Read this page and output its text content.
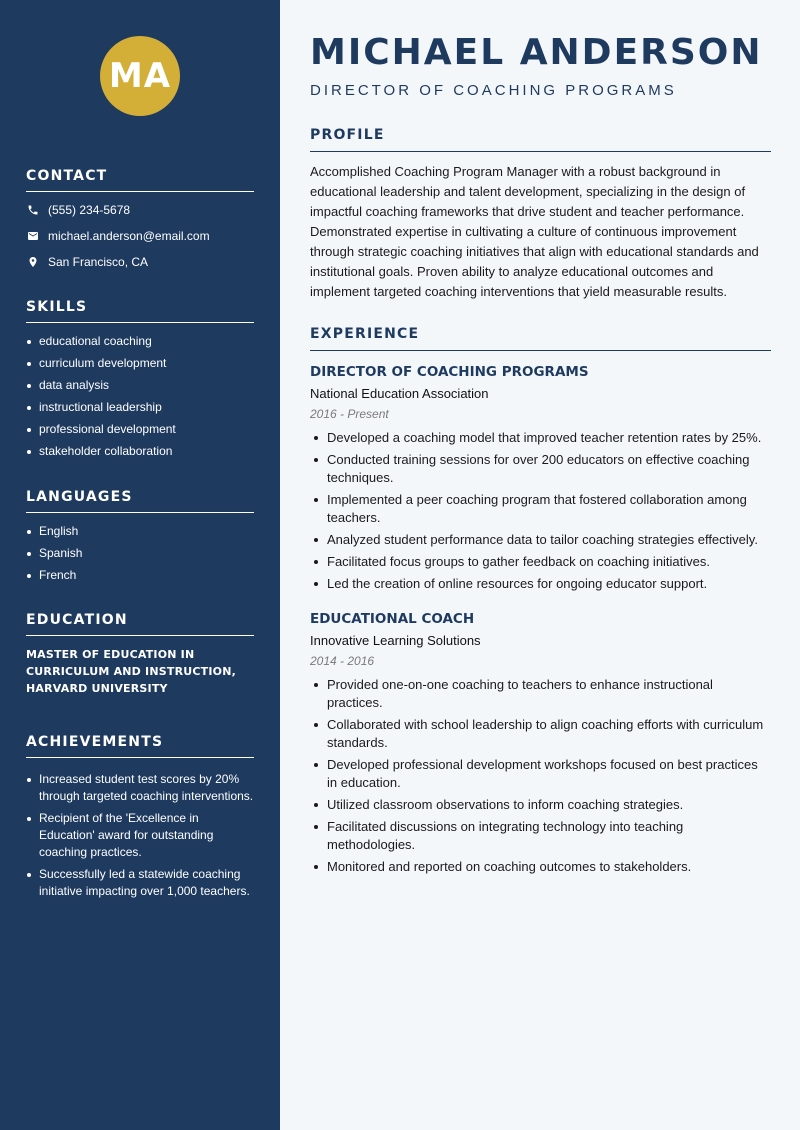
MA
CONTACT
(555) 234-5678
michael.anderson@email.com
San Francisco, CA
SKILLS
educational coaching
curriculum development
data analysis
instructional leadership
professional development
stakeholder collaboration
LANGUAGES
English
Spanish
French
EDUCATION

MASTER OF EDUCATION IN CURRICULUM AND INSTRUCTION, HARVARD UNIVERSITY

ACHIEVEMENTS
Increased student test scores by 20% through targeted coaching interventions.
Recipient of the 'Excellence in Education' award for outstanding coaching practices.
Successfully led a statewide coaching initiative impacting over 1,000 teachers.
MICHAEL ANDERSON
DIRECTOR OF COACHING PROGRAMS
PROFILE

Accomplished Coaching Program Manager with a robust background in educational leadership and talent development, specializing in the design of impactful coaching frameworks that drive student and teacher performance. Demonstrated expertise in cultivating a culture of continuous improvement through strategic coaching initiatives that align with educational standards and institutional goals. Proven ability to analyze educational outcomes and implement targeted coaching interventions that yield measurable results.

EXPERIENCE
DIRECTOR OF COACHING PROGRAMS
National Education Association
2016 - Present
Developed a coaching model that improved teacher retention rates by 25%.
Conducted training sessions for over 200 educators on effective coaching techniques.
Implemented a peer coaching program that fostered collaboration among teachers.
Analyzed student performance data to tailor coaching strategies effectively.
Facilitated focus groups to gather feedback on coaching initiatives.
Led the creation of online resources for ongoing educator support.
EDUCATIONAL COACH
Innovative Learning Solutions
2014 - 2016
Provided one-on-one coaching to teachers to enhance instructional practices.
Collaborated with school leadership to align coaching efforts with curriculum standards.
Developed professional development workshops focused on best practices in education.
Utilized classroom observations to inform coaching strategies.
Facilitated discussions on integrating technology into teaching methodologies.
Monitored and reported on coaching outcomes to stakeholders.
